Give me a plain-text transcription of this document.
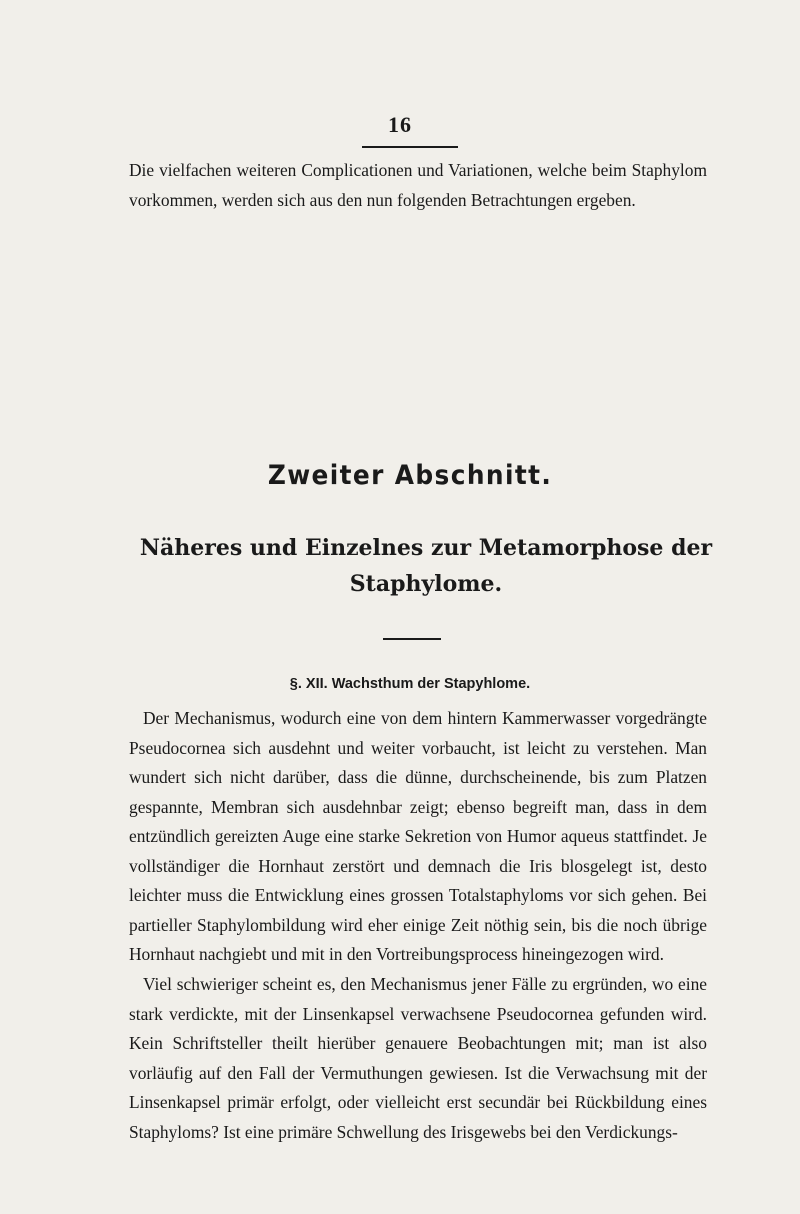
16

Die vielfachen weiteren Complicationen und Variationen, welche beim Staphylom vorkommen, werden sich aus den nun folgenden Betrachtungen ergeben.

Zweiter Abschnitt.

Näheres und Einzelnes zur Metamorphose der Staphylome.

§. XII. Wachsthum der Stapyhlome.

Der Mechanismus, wodurch eine von dem hintern Kammerwasser vorgedrängte Pseudocornea sich ausdehnt und weiter vorbaucht, ist leicht zu verstehen. Man wundert sich nicht darüber, dass die dünne, durchscheinende, bis zum Platzen gespannte, Membran sich ausdehnbar zeigt; ebenso begreift man, dass in dem entzündlich gereizten Auge eine starke Sekretion von Humor aqueus stattfindet. Je vollständiger die Hornhaut zerstört und demnach die Iris blosgelegt ist, desto leichter muss die Entwicklung eines grossen Totalstaphyloms vor sich gehen. Bei partieller Staphylombildung wird eher einige Zeit nöthig sein, bis die noch übrige Hornhaut nachgiebt und mit in den Vortreibungsprocess hineingezogen wird.

Viel schwieriger scheint es, den Mechanismus jener Fälle zu ergründen, wo eine stark verdickte, mit der Linsenkapsel verwachsene Pseudocornea gefunden wird. Kein Schriftsteller theilt hierüber genauere Beobachtungen mit; man ist also vorläufig auf den Fall der Vermuthungen gewiesen. Ist die Verwachsung mit der Linsenkapsel primär erfolgt, oder vielleicht erst secundär bei Rückbildung eines Staphyloms? Ist eine primäre Schwellung des Irisgewebs bei den Verdickungs-
